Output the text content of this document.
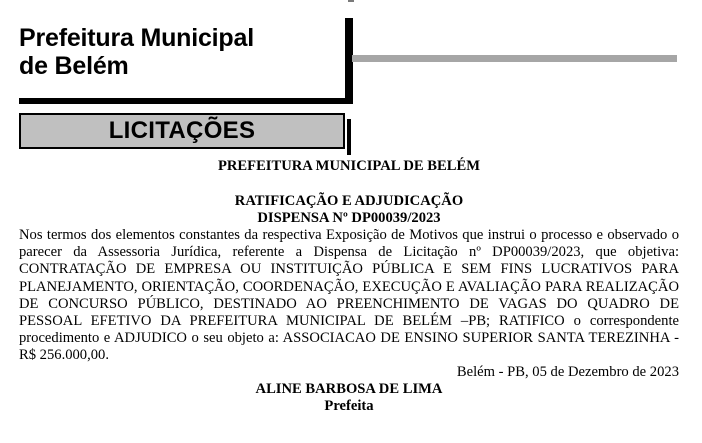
Prefeitura Municipal
de Belém
LICITAÇÕES
PREFEITURA MUNICIPAL DE BELÉM
RATIFICAÇÃO E ADJUDICAÇÃO
DISPENSA Nº DP00039/2023
Nos termos dos elementos constantes da respectiva Exposição de Motivos que instrui o processo e observado o parecer da Assessoria Jurídica, referente a Dispensa de Licitação nº DP00039/2023, que objetiva: CONTRATAÇÃO DE EMPRESA OU INSTITUIÇÃO PÚBLICA E SEM FINS LUCRATIVOS PARA PLANEJAMENTO, ORIENTAÇÃO, COORDENAÇÃO, EXECUÇÃO E AVALIAÇÃO PARA REALIZAÇÃO DE CONCURSO PÚBLICO, DESTINADO AO PREENCHIMENTO DE VAGAS DO QUADRO DE PESSOAL EFETIVO DA PREFEITURA MUNICIPAL DE BELÉM –PB; RATIFICO o correspondente procedimento e ADJUDICO o seu objeto a: ASSOCIACAO DE ENSINO SUPERIOR SANTA TEREZINHA - R$ 256.000,00.
Belém - PB, 05 de Dezembro de 2023
ALINE BARBOSA DE LIMA
Prefeita
